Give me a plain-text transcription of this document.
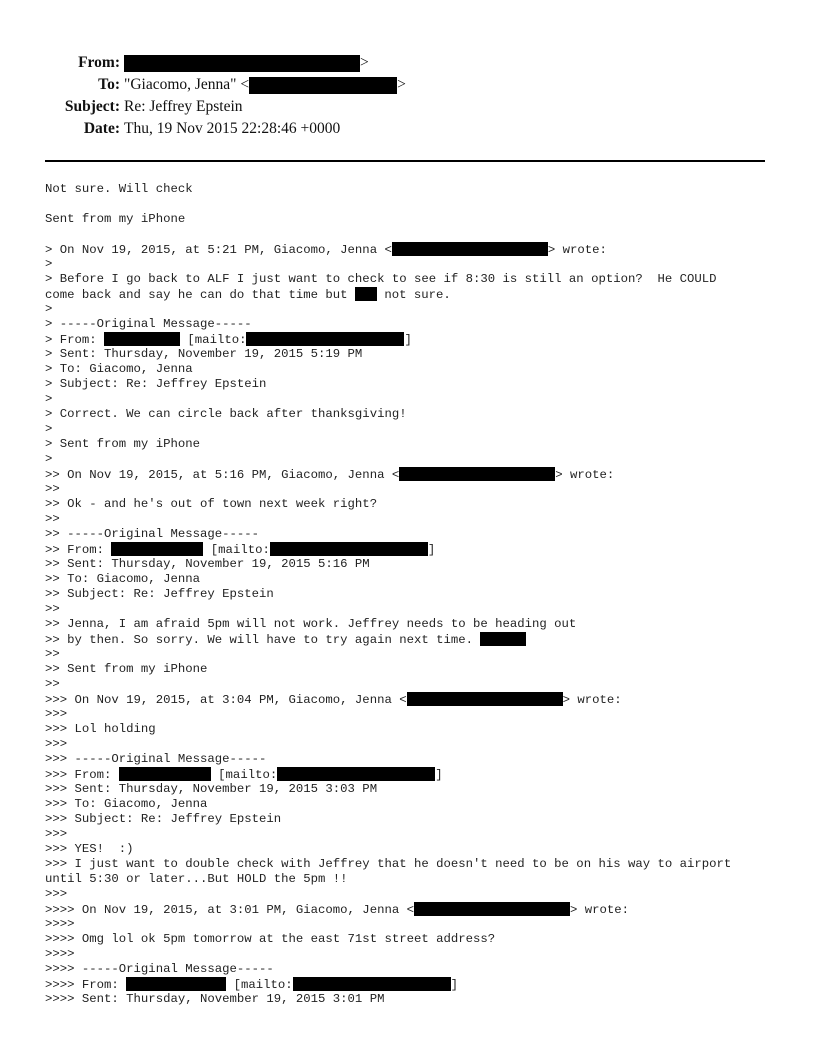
From:	>
To: "Giacomo, Jenna" <	>
Subject: Re: Jeffrey Epstein
Date: Thu, 19 Nov 2015 22:28:46 +0000
Not sure. Will check
Sent from my iPhone
> On Nov 19, 2015, at 5:21 PM, Giacomo, Jenna <	> wrote:
>
> Before I go back to ALF I just want to check to see if 8:30 is still an option?  He COULD
come back and say he can do that time but  not sure.
>
> -----Original Message-----
> From:	[mailto:	]
> Sent: Thursday, November 19, 2015 5:19 PM
> To: Giacomo, Jenna
> Subject: Re: Jeffrey Epstein
>
> Correct. We can circle back after thanksgiving!
>
> Sent from my iPhone
>
>> On Nov 19, 2015, at 5:16 PM, Giacomo, Jenna <	> wrote:
>>
>> Ok - and he's out of town next week right?
>>
>> -----Original Message-----
>> From:	[mailto:	]
>> Sent: Thursday, November 19, 2015 5:16 PM
>> To: Giacomo, Jenna
>> Subject: Re: Jeffrey Epstein
>>
>> Jenna, I am afraid 5pm will not work. Jeffrey needs to be heading out
>> by then. So sorry. We will have to try again next time.
>>
>> Sent from my iPhone
>>
>>> On Nov 19, 2015, at 3:04 PM, Giacomo, Jenna <	> wrote:
>>>
>>> Lol holding
>>>
>>> -----Original Message-----
>>> From:	[mailto:	]
>>> Sent: Thursday, November 19, 2015 3:03 PM
>>> To: Giacomo, Jenna
>>> Subject: Re: Jeffrey Epstein
>>>
>>> YES!  :)
>>> I just want to double check with Jeffrey that he doesn't need to be on his way to airport
until 5:30 or later...But HOLD the 5pm !!
>>>
>>>> On Nov 19, 2015, at 3:01 PM, Giacomo, Jenna <	> wrote:
>>>>
>>>> Omg lol ok 5pm tomorrow at the east 71st street address?
>>>>
>>>> -----Original Message-----
>>>> From:	[mailto:	]
>>>> Sent: Thursday, November 19, 2015 3:01 PM
